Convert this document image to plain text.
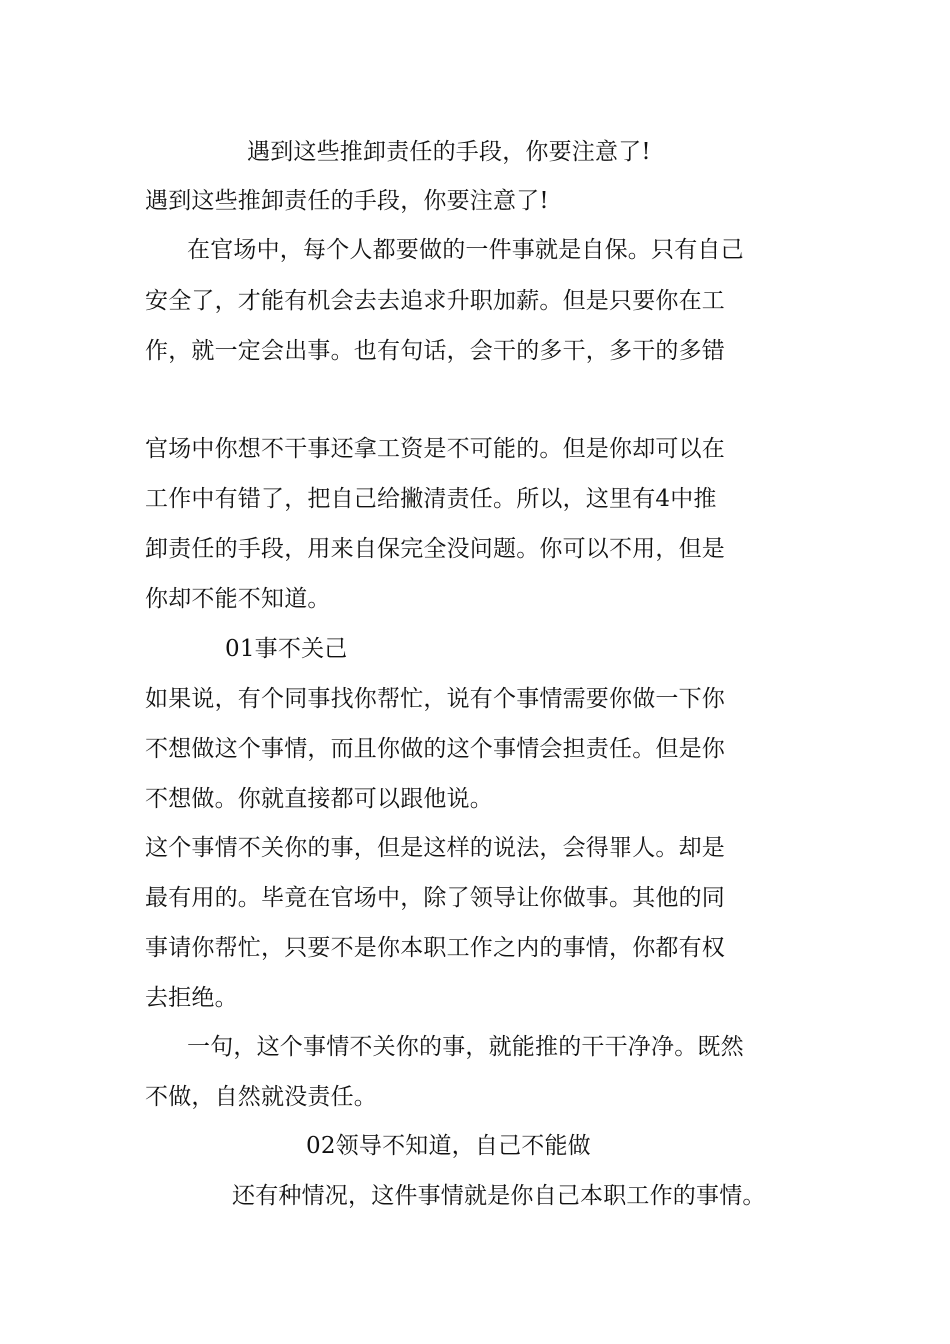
遇到这些推卸责任的手段，你要注意了!
遇到这些推卸责任的手段，你要注意了!
在官场中，每个人都要做的一件事就是自保。只有自己
安全了，才能有机会去去追求升职加薪。但是只要你在工
作，就一定会出事。也有句话，会干的多干，多干的多错
官场中你想不干事还拿工资是不可能的。但是你却可以在
工作中有错了，把自己给撇清责任。所以，这里有4中推
卸责任的手段，用来自保完全没问题。你可以不用，但是
你却不能不知道。
01事不关己
如果说，有个同事找你帮忙，说有个事情需要你做一下你
不想做这个事情，而且你做的这个事情会担责任。但是你
不想做。你就直接都可以跟他说。
这个事情不关你的事，但是这样的说法，会得罪人。却是
最有用的。毕竟在官场中，除了领导让你做事。其他的同
事请你帮忙，只要不是你本职工作之内的事情，你都有权
去拒绝。
一句，这个事情不关你的事，就能推的干干净净。既然
不做，自然就没责任。
02领导不知道，自己不能做
还有种情况，这件事情就是你自己本职工作的事情。
